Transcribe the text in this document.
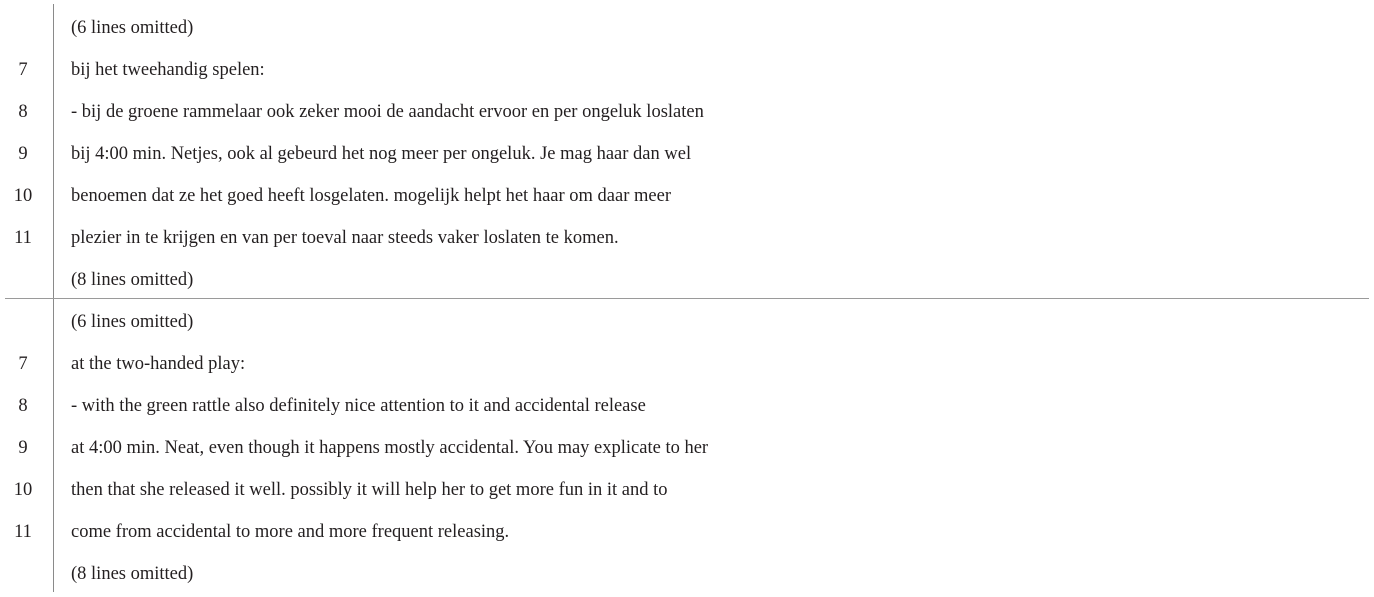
(6 lines omitted)
7	bij het tweehandig spelen:
8	- bij de groene rammelaar ook zeker mooi de aandacht ervoor en per ongeluk loslaten
9	bij 4:00 min. Netjes, ook al gebeurd het nog meer per ongeluk. Je mag haar dan wel
10	benoemen dat ze het goed heeft losgelaten. mogelijk helpt het haar om daar meer
11	plezier in te krijgen en van per toeval naar steeds vaker loslaten te komen.
(8 lines omitted)
(6 lines omitted)
7	at the two-handed play:
8	- with the green rattle also definitely nice attention to it and accidental release
9	at 4:00 min. Neat, even though it happens mostly accidental. You may explicate to her
10	then that she released it well. possibly it will help her to get more fun in it and to
11	come from accidental to more and more frequent releasing.
(8 lines omitted)
